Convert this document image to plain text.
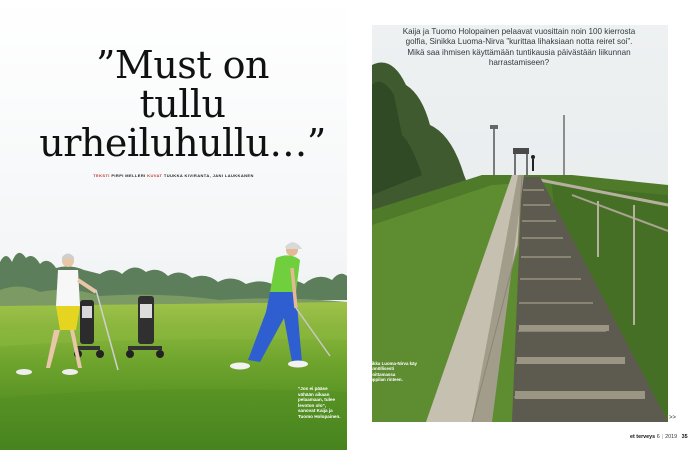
”Must on
tullu
urheiluhullu…”
TEKSTI PIRPI MELLERI KUVAT TUUKKA KIVIRANTA, JANI LAUKKANEN
”Jos ei pääse vähään aikaan pelaamaan, tulee levoton olo”, sanovat Kaija ja Tuomo Holopainen.
Kaija ja Tuomo Holopainen pelaavat vuosittain noin 100 kierrosta golfia, Sinikka Luoma-Nirva ”kurittaa lihaksiaan notta reiret soi”. Mikä saa ihmisen käyttämään tuntikausia päivästään liikunnan harrastamiseen?
Sinikka Luoma-Nirva käy säännöllisesti valloittamassa Jouppilan rinteen.
>>
et terveys 6 | 2019 35
